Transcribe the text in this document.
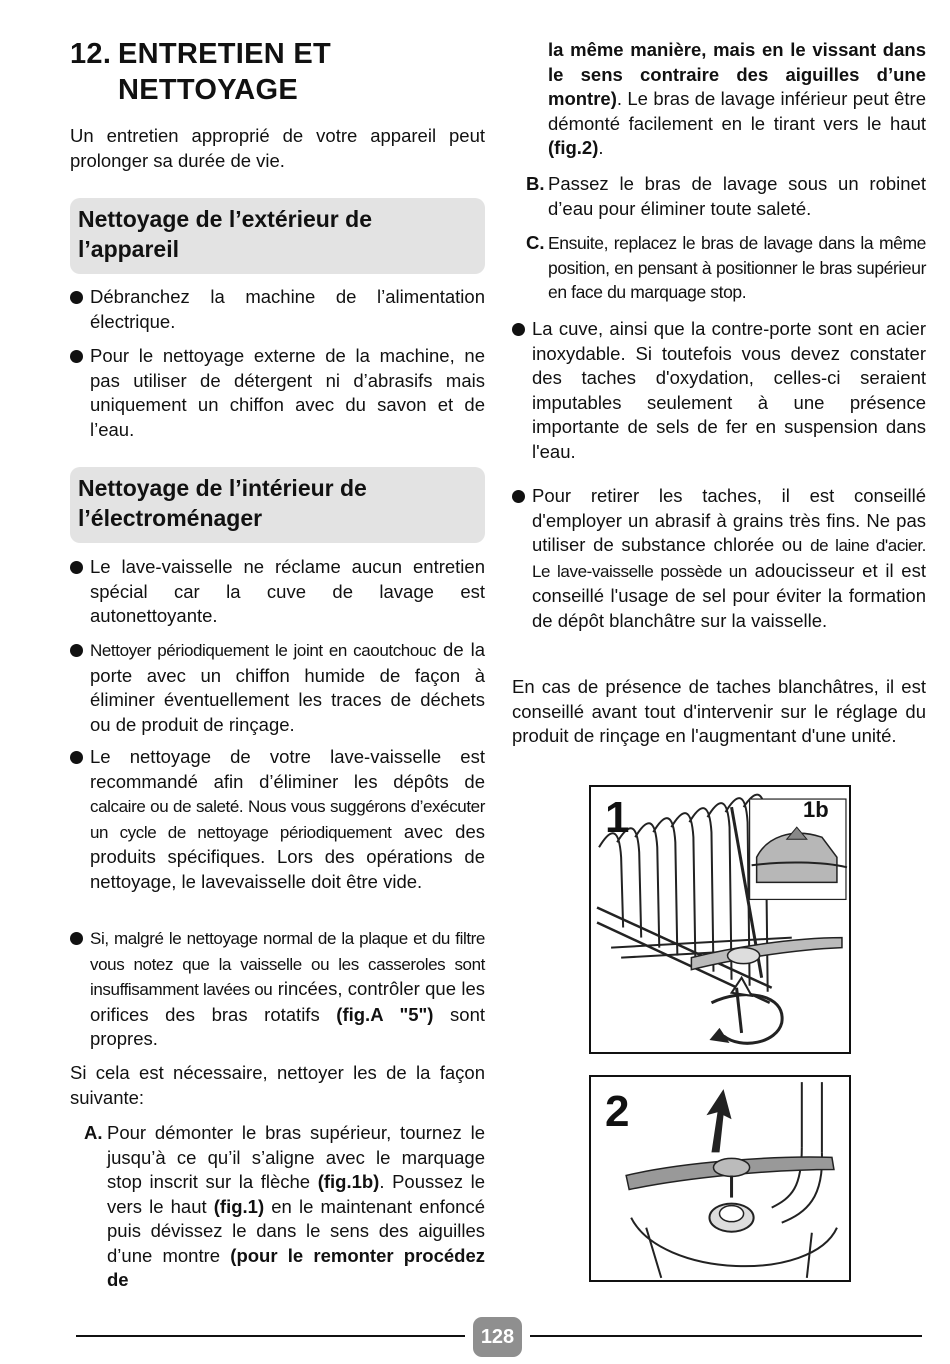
12. ENTRETIEN ET
NETTOYAGE

Un entretien approprié de votre appareil peut prolonger sa durée de vie.

Nettoyage de l’extérieur de
l’appareil

Débranchez la machine de l’alimentation électrique.

Pour le nettoyage externe de la machine, ne pas utiliser de détergent ni d’abrasifs mais uniquement un chiffon avec du savon et de l’eau.

Nettoyage de l’intérieur de
l’électroménager

Le lave-vaisselle ne réclame aucun entretien spécial car la cuve de lavage est autonettoyante.

Nettoyer périodiquement le joint en caoutchouc de la porte avec un chiffon humide de façon à éliminer éventuellement les traces de déchets ou de produit de rinçage.

Le nettoyage de votre lave-vaisselle est recommandé afin d’éliminer les dépôts de calcaire ou de saleté. Nous vous suggérons d’exécuter un cycle de nettoyage périodiquement avec des produits spécifiques. Lors des opérations de nettoyage, le lavevaisselle doit être vide.

Si, malgré le nettoyage normal de la plaque et du filtre vous notez que la vaisselle ou les casseroles sont insuffisamment lavées ou rincées, contrôler que les orifices des bras rotatifs (fig.A "5") sont propres.

Si cela est nécessaire, nettoyer les de la façon suivante:

A. Pour démonter le bras supérieur, tournez le jusqu’à ce qu’il s’aligne avec le marquage stop inscrit sur la flèche (fig.1b). Poussez le vers le haut (fig.1) en le maintenant enfoncé puis dévissez le dans le sens des aiguilles d’une montre (pour le remonter procédez de

la même manière, mais en le vissant dans le sens contraire des aiguilles d’une montre). Le bras de lavage inférieur peut être démonté facilement en le tirant vers le haut (fig.2).

B. Passez le bras de lavage sous un robinet d’eau pour éliminer toute saleté.

C. Ensuite, replacez le bras de lavage dans la même position, en pensant à positionner le bras supérieur en face du marquage stop.

La cuve, ainsi que la contre-porte sont en acier inoxydable. Si toutefois vous devez constater des taches d'oxydation, celles-ci seraient imputables seulement à une présence importante de sels de fer en suspension dans l'eau.

Pour retirer les taches, il est conseillé d'employer un abrasif à grains très fins. Ne pas utiliser de substance chlorée ou de laine d'acier. Le lave-vaisselle possède un adoucisseur et il est conseillé l'usage de sel pour éviter la formation de dépôt blanchâtre sur la vaisselle.

En cas de présence de taches blanchâtres, il est conseillé avant tout d'intervenir sur le réglage du produit de rinçage en l'augmentant d'une unité.

1	1b
2
128
